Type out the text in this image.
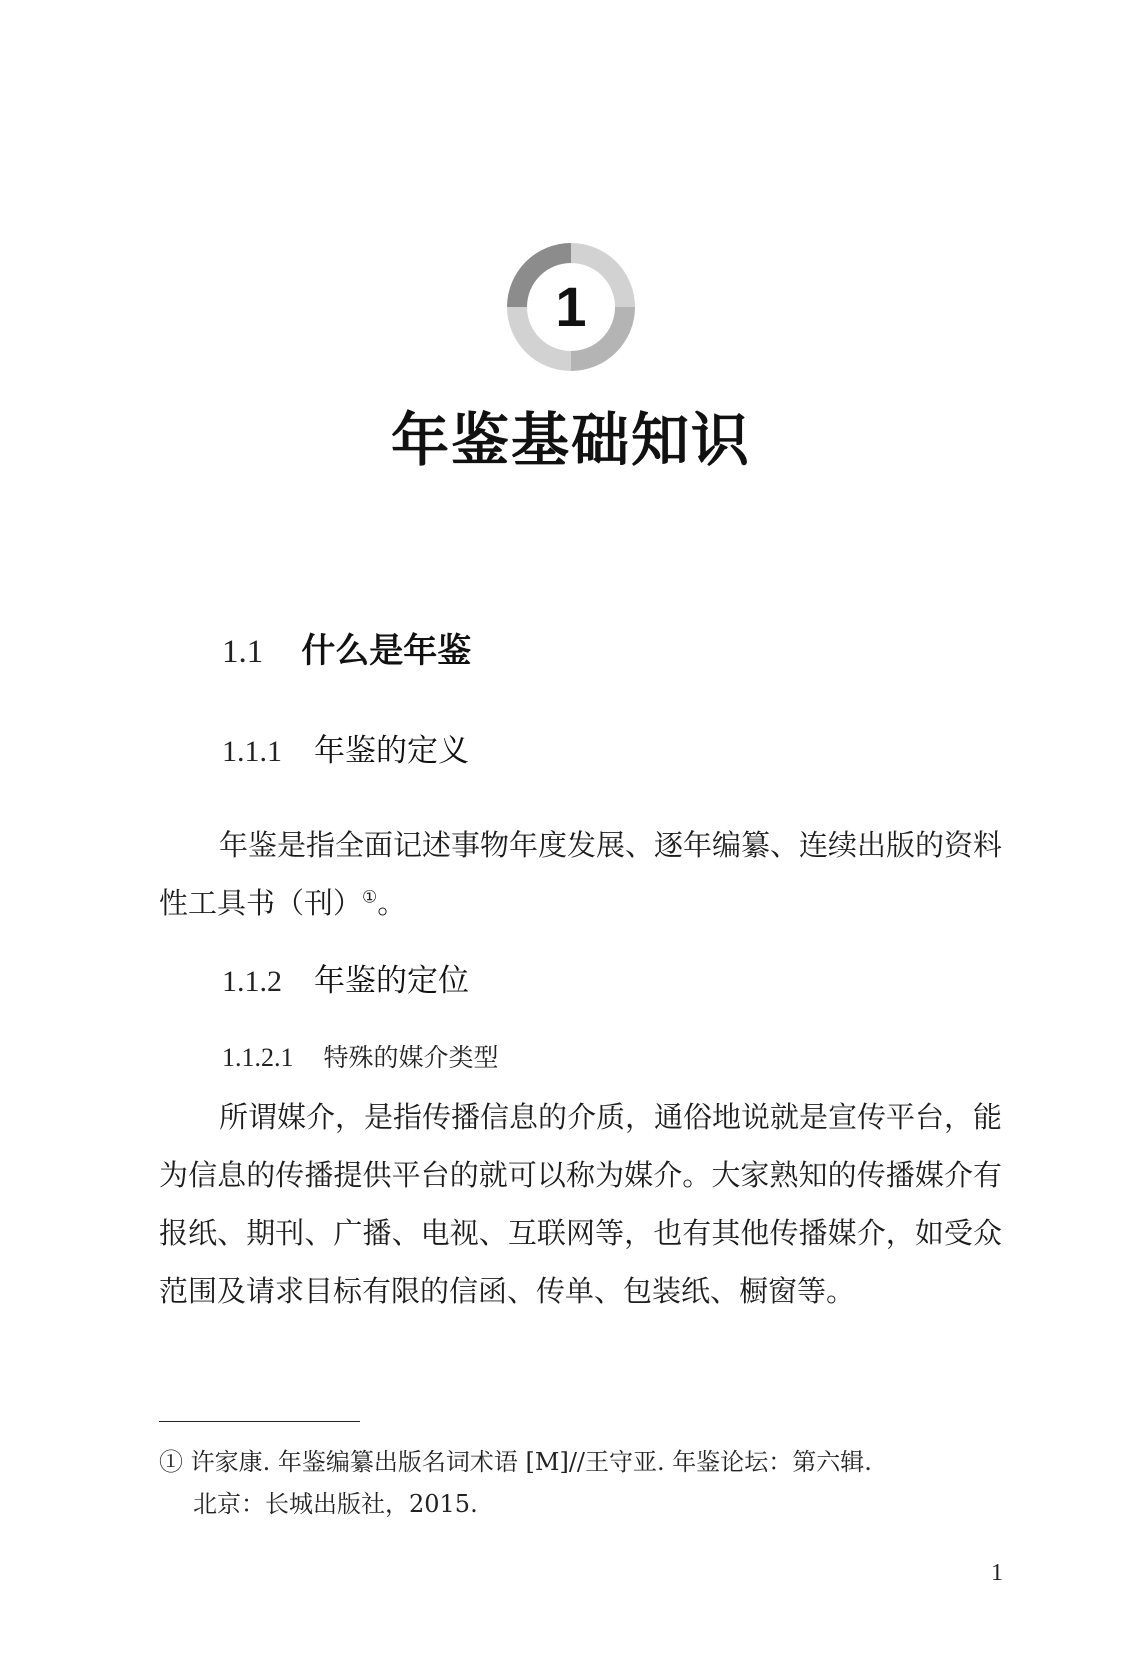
1
年鉴基础知识
1.1 什么是年鉴
1.1.1 年鉴的定义

年鉴是指全面记述事物年度发展、逐年编纂、连续出版的资料性工具书（刊）①。

1.1.2 年鉴的定位
1.1.2.1 特殊的媒介类型

所谓媒介，是指传播信息的介质，通俗地说就是宣传平台，能为信息的传播提供平台的就可以称为媒介。大家熟知的传播媒介有报纸、期刊、广播、电视、互联网等，也有其他传播媒介，如受众范围及请求目标有限的信函、传单、包装纸、橱窗等。

① 许家康. 年鉴编纂出版名词术语 [M]//王守亚. 年鉴论坛：第六辑.
北京：长城出版社，2015.
1
